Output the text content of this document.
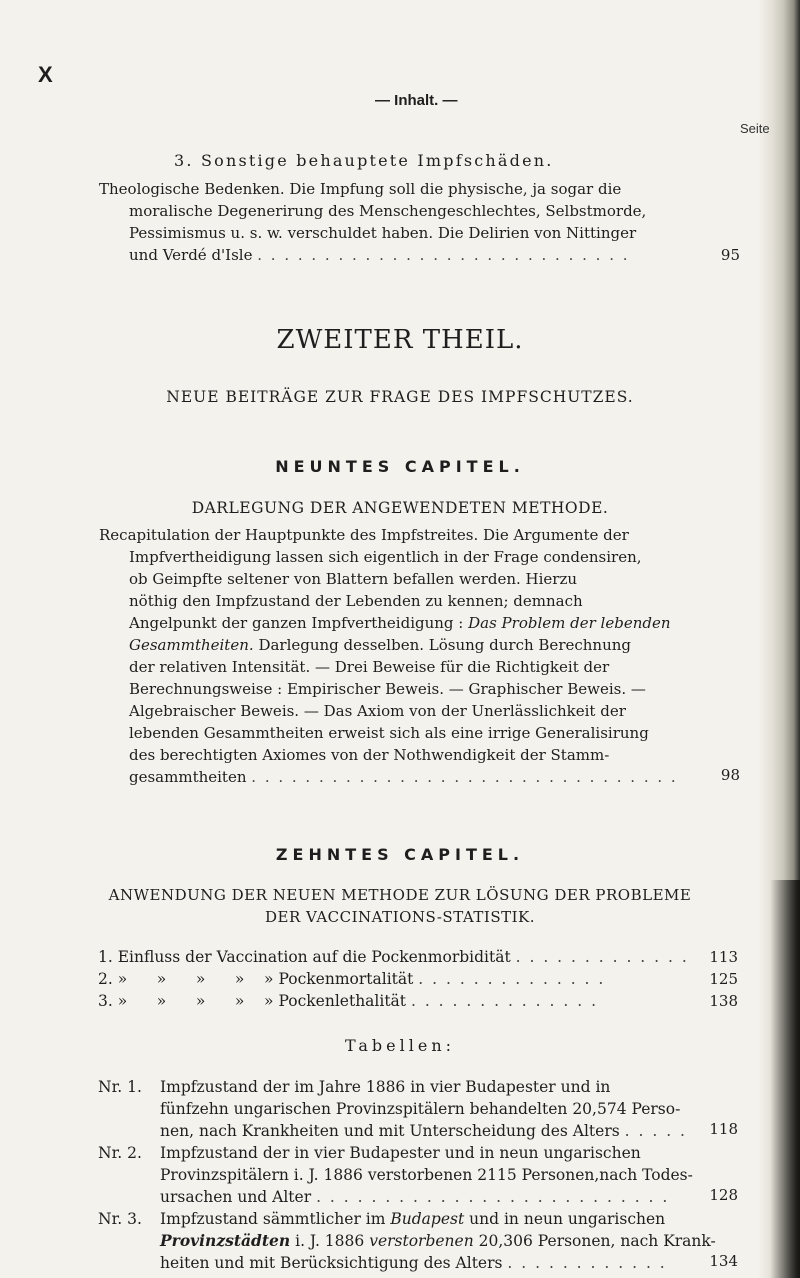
X
— Inhalt. —
Seite
3. Sonstige behauptete Impfschäden.
Theologische Bedenken. Die Impfung soll die physische, ja sogar die
moralische Degenerirung des Menschengeschlechtes, Selbstmorde,
Pessimismus u. s. w. verschuldet haben. Die Delirien von Nittinger
und Verdé d'Isle . . . . . . . . . . . . . . . . . . . . . . . . . . . .	95
ZWEITER THEIL.
NEUE BEITRÄGE ZUR FRAGE DES IMPFSCHUTZES.
NEUNTES CAPITEL.
DARLEGUNG DER ANGEWENDETEN METHODE.
Recapitulation der Hauptpunkte des Impfstreites. Die Argumente der
Impfvertheidigung lassen sich eigentlich in der Frage condensiren,
ob Geimpfte seltener von Blattern befallen werden. Hierzu
nöthig den Impfzustand der Lebenden zu kennen; demnach
Angelpunkt der ganzen Impfvertheidigung : Das Problem der lebenden
Gesammtheiten. Darlegung desselben. Lösung durch Berechnung
der relativen Intensität. — Drei Beweise für die Richtigkeit der
Berechnungsweise : Empirischer Beweis. — Graphischer Beweis. —
Algebraischer Beweis. — Das Axiom von der Unerlässlichkeit der
lebenden Gesammtheiten erweist sich als eine irrige Generalisirung
des berechtigten Axiomes von der Nothwendigkeit der Stamm-
gesammtheiten . . . . . . . . . . . . . . . . . . . . . . . . . . . . . . . .	98
ZEHNTES CAPITEL.
ANWENDUNG DER NEUEN METHODE ZUR LÖSUNG DER PROBLEME
DER VACCINATIONS-STATISTIK.
1. Einfluss der Vaccination auf die Pockenmorbidität . . . . . . . . . . . . .	113
2. »      »      »      »    » Pockenmortalität . . . . . . . . . . . . . .	125
3. »      »      »      »    » Pockenlethalität . . . . . . . . . . . . . .	138
Tabellen:
Nr. 1. Impfzustand der im Jahre 1886 in vier Budapester und in
fünfzehn ungarischen Provinzspitälern behandelten 20,574 Perso-
nen, nach Krankheiten und mit Unterscheidung des Alters . . . . .	118
Nr. 2. Impfzustand der in vier Budapester und in neun ungarischen
Provinzspitälern i. J. 1886 verstorbenen 2115 Personen,nach Todes-
ursachen und Alter . . . . . . . . . . . . . . . . . . . . . . . . . .	128
Nr. 3. Impfzustand sämmtlicher im Budapest und in neun ungarischen
Provinzstädten i. J. 1886 verstorbenen 20,306 Personen, nach Krank-
heiten und mit Berücksichtigung des Alters . . . . . . . . . . . .	134
